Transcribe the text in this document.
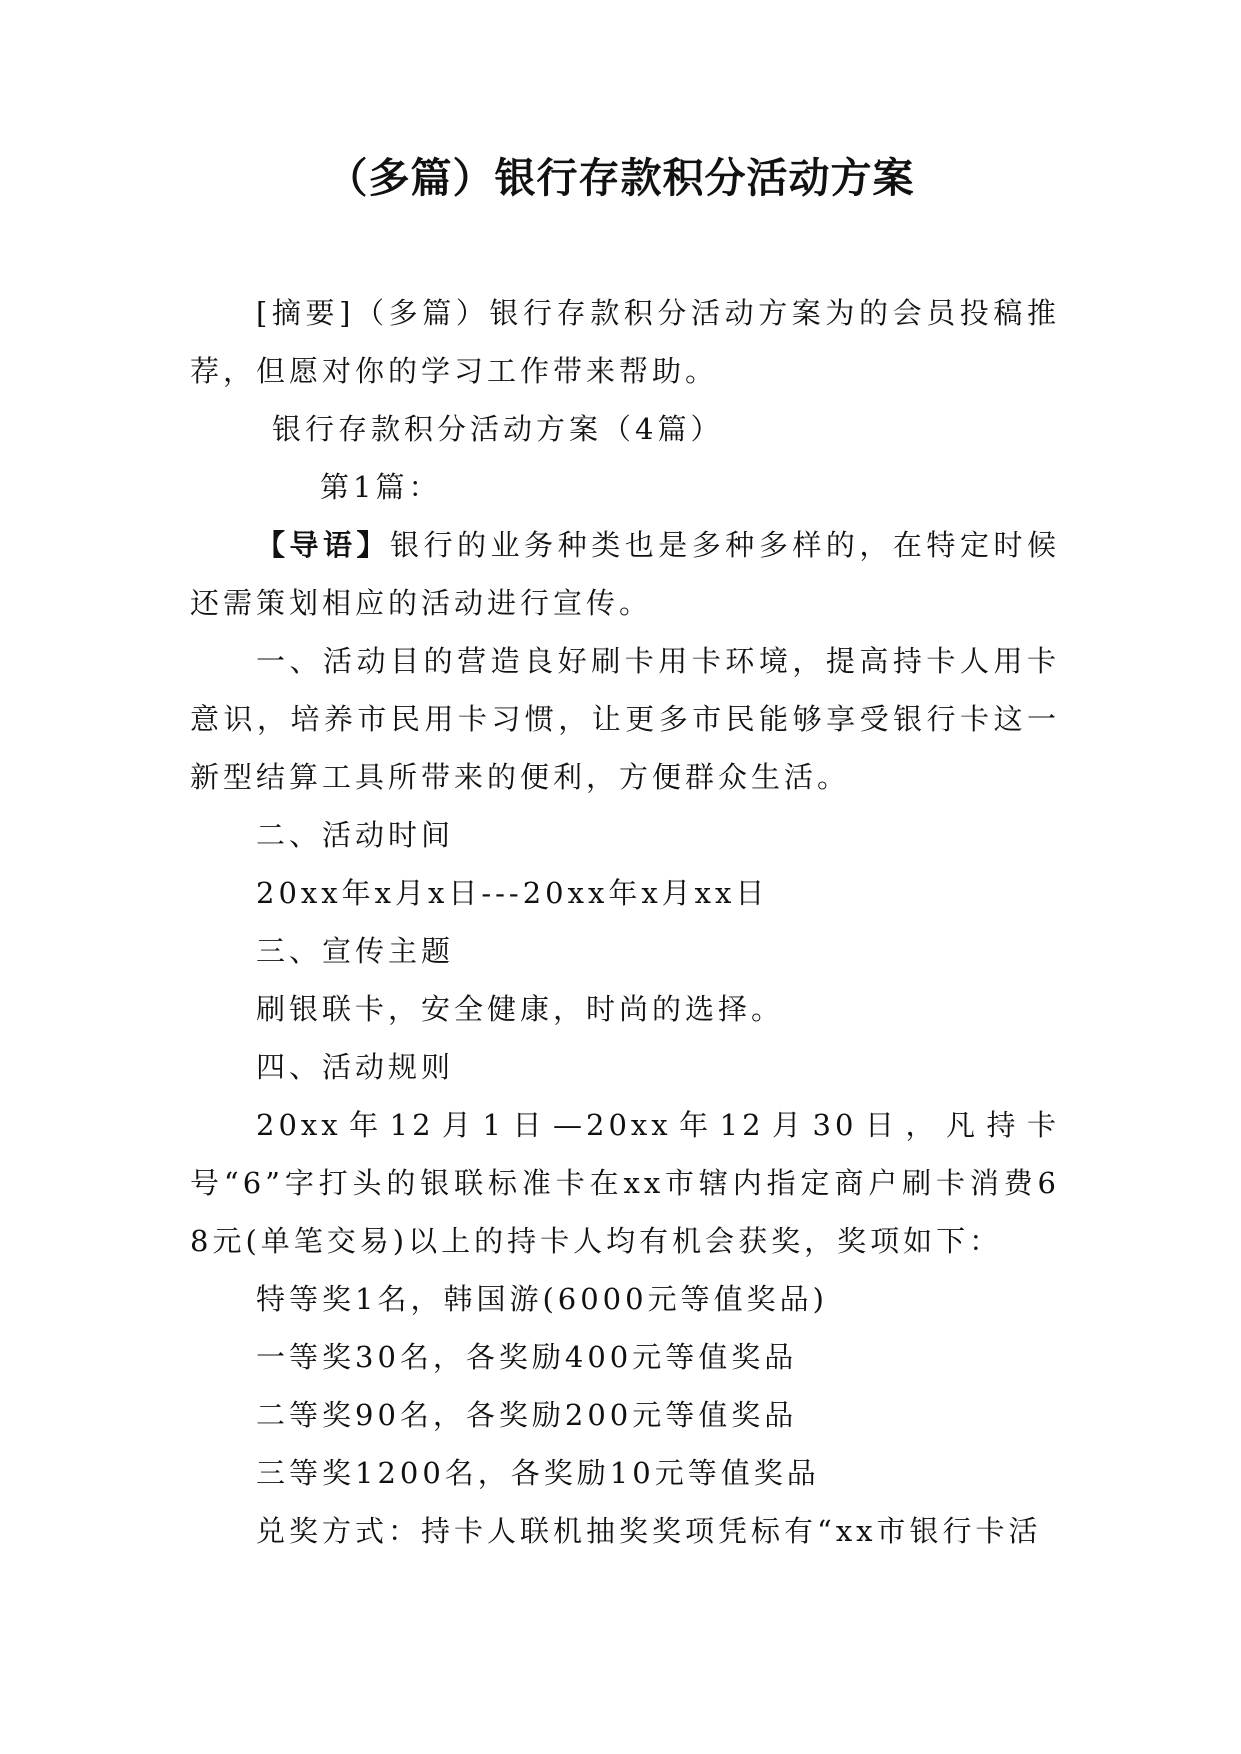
（多篇）银行存款积分活动方案

[摘要]（多篇）银行存款积分活动方案为的会员投稿推荐，但愿对你的学习工作带来帮助。

银行存款积分活动方案（4篇）

第1篇：

【导语】银行的业务种类也是多种多样的，在特定时候还需策划相应的活动进行宣传。

一、活动目的营造良好刷卡用卡环境，提高持卡人用卡意识，培养市民用卡习惯，让更多市民能够享受银行卡这一新型结算工具所带来的便利，方便群众生活。

二、活动时间

20xx年x月x日---20xx年x月xx日

三、宣传主题

刷银联卡，安全健康，时尚的选择。

四、活动规则

20xx年12月1日—20xx年12月30日，凡持卡号“6”字打头的银联标准卡在xx市辖内指定商户刷卡消费68元(单笔交易)以上的持卡人均有机会获奖，奖项如下：

特等奖1名，韩国游(6000元等值奖品)

一等奖30名，各奖励400元等值奖品

二等奖90名，各奖励200元等值奖品

三等奖1200名，各奖励10元等值奖品

兑奖方式：持卡人联机抽奖奖项凭标有“xx市银行卡活
